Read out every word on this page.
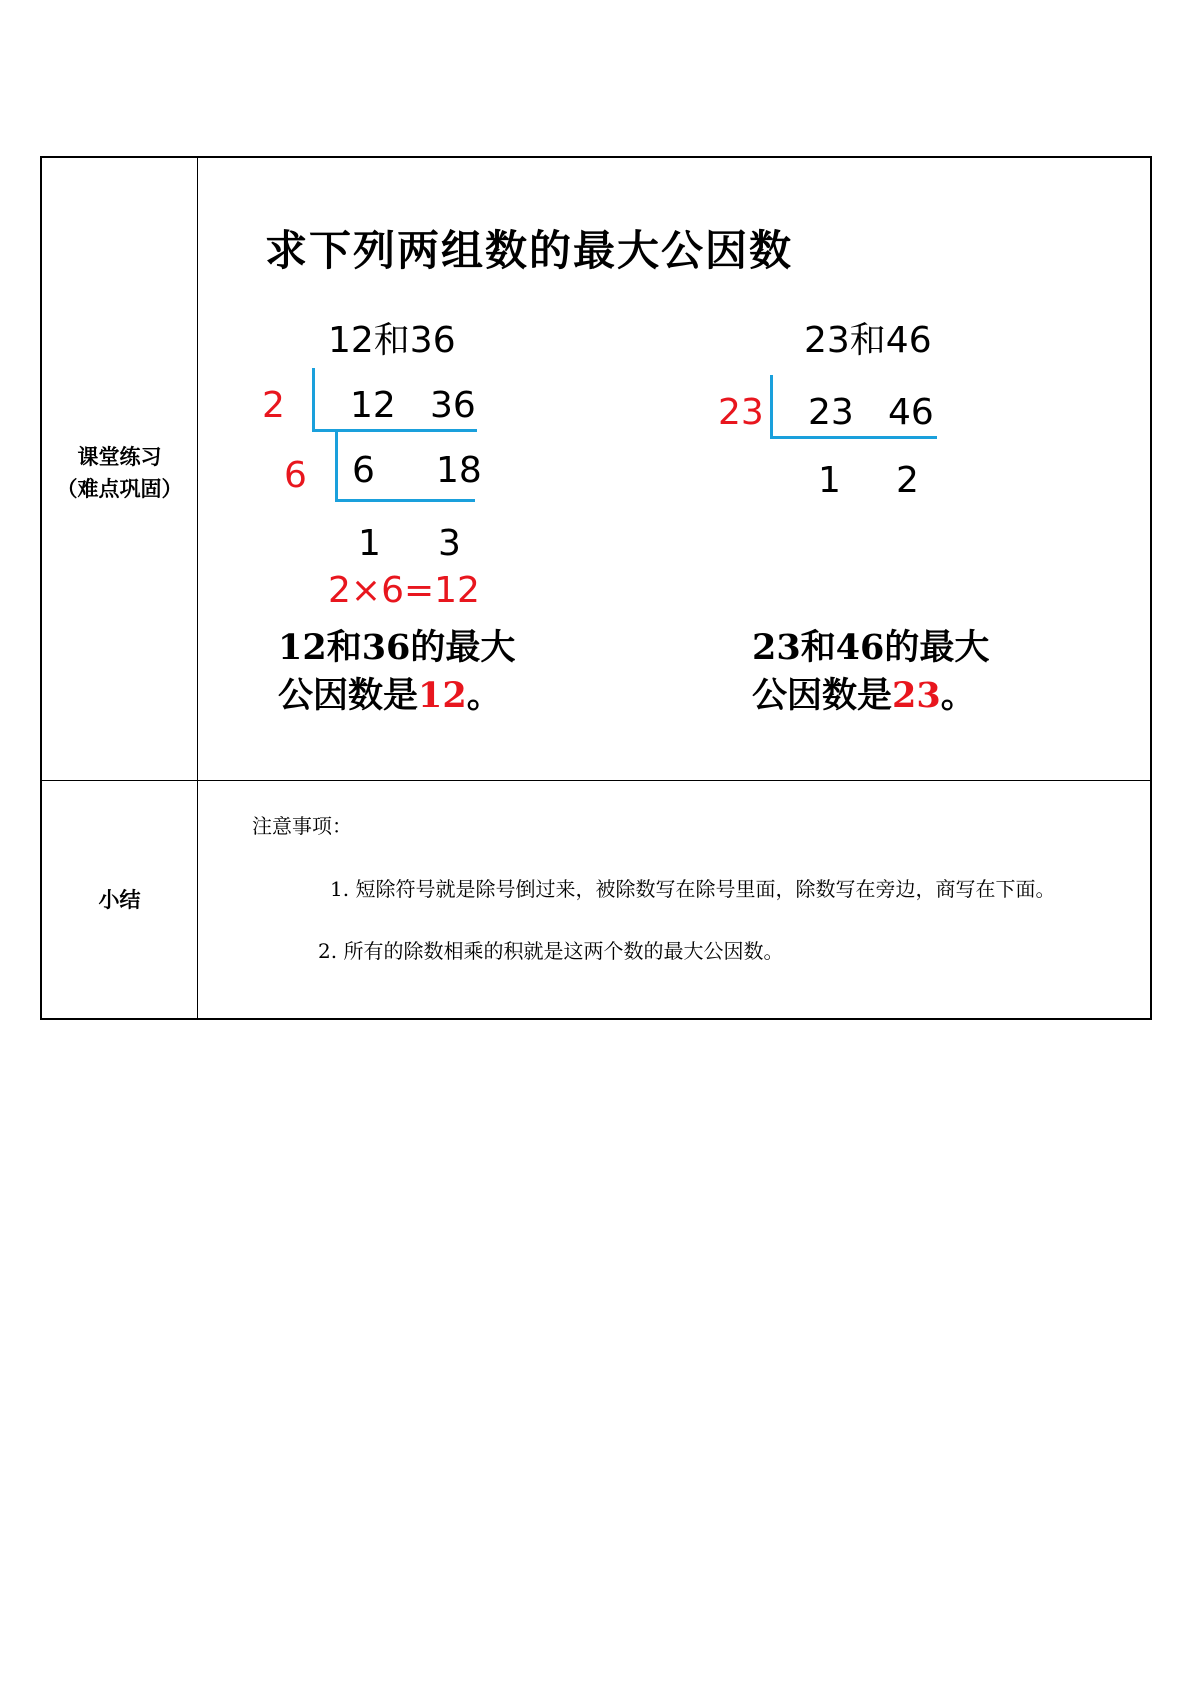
课堂练习
（难点巩固）
小结
求下列两组数的最大公因数
12和36
2 12 36
6 6 18
1 3
2×6=12
12和36的最大
公因数是12。
23和46
23 23 46
1 2
23和46的最大
公因数是23。
注意事项：
1. 短除符号就是除号倒过来，被除数写在除号里面，除数写在旁边，商写在下面。
2. 所有的除数相乘的积就是这两个数的最大公因数。
